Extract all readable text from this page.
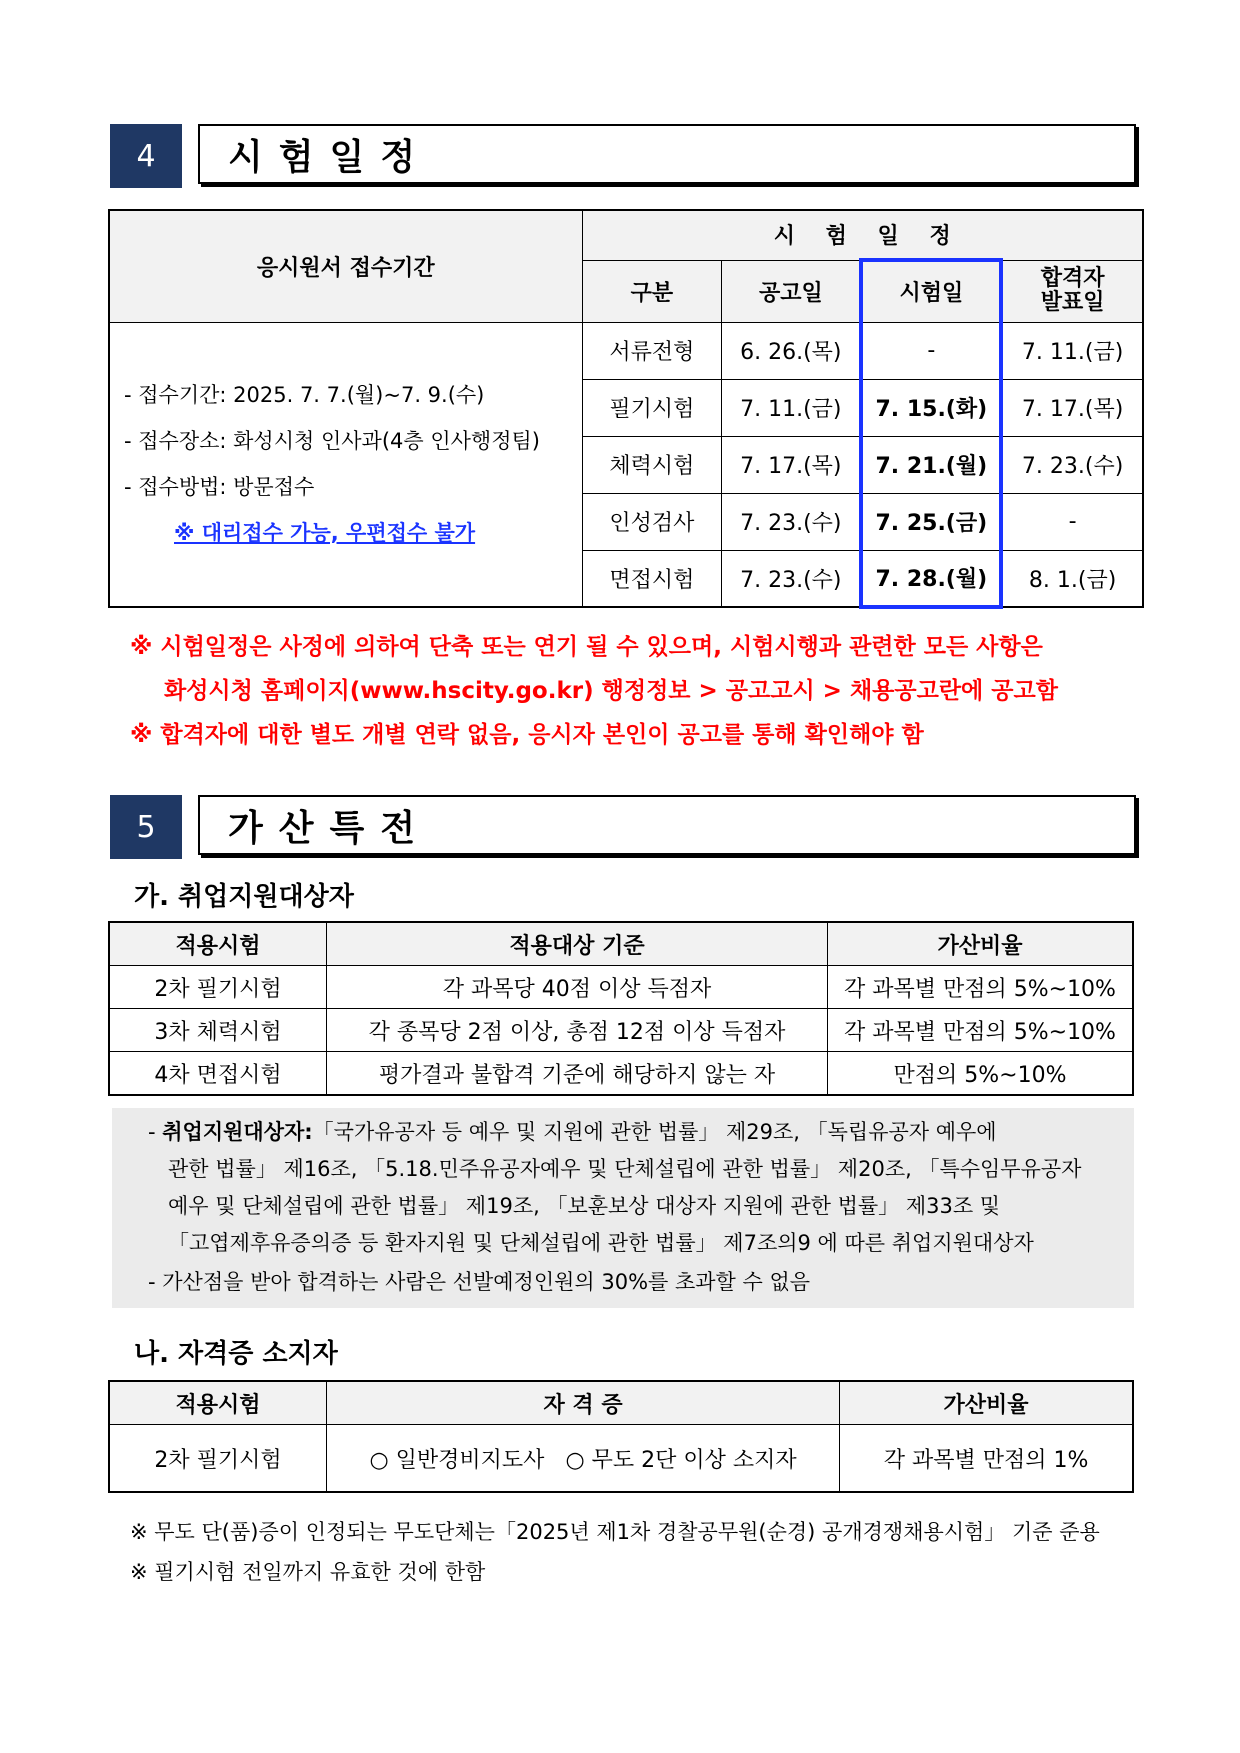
4	시험일정
응시원서 접수기간	시    험    일    정			
	구분	공고일	시험일	합격자
발표일

- 접수기간: 2025. 7. 7.(월)~7. 9.(수)
- 접수장소: 화성시청 인사과(4층 인사행정팀)
- 접수방법: 방문접수
※ 대리접수 가능, 우편접수 불가	서류전형	6. 26.(목)	-	7. 11.(금)
	필기시험	7. 11.(금)	7. 15.(화)	7. 17.(목)
	체력시험	7. 17.(목)	7. 21.(월)	7. 23.(수)
	인성검사	7. 23.(수)	7. 25.(금)	-
	면접시험	7. 23.(수)	7. 28.(월)	8. 1.(금)
※ 시험일정은 사정에 의하여 단축 또는 연기 될 수 있으며, 시험시행과 관련한 모든 사항은
화성시청 홈페이지(www.hscity.go.kr) 행정정보 > 공고고시 > 채용공고란에 공고함
※ 합격자에 대한 별도 개별 연락 없음, 응시자 본인이 공고를 통해 확인해야 함
5	가산특전
가. 취업지원대상자
적용시험	적용대상 기준	가산비율
2차 필기시험	각 과목당 40점 이상 득점자	각 과목별 만점의 5%~10%
3차 체력시험	각 종목당 2점 이상, 총점 12점 이상 득점자	각 과목별 만점의 5%~10%
4차 면접시험	평가결과 불합격 기준에 해당하지 않는 자	만점의 5%~10%
- 취업지원대상자:「국가유공자 등 예우 및 지원에 관한 법률」 제29조, 「독립유공자 예우에
관한 법률」 제16조, 「5.18.민주유공자예우 및 단체설립에 관한 법률」 제20조, 「특수임무유공자
예우 및 단체설립에 관한 법률」 제19조, 「보훈보상 대상자 지원에 관한 법률」 제33조 및
「고엽제후유증의증 등 환자지원 및 단체설립에 관한 법률」 제7조의9 에 따른 취업지원대상자
- 가산점을 받아 합격하는 사람은 선발예정인원의 30%를 초과할 수 없음
나. 자격증 소지자
적용시험	자 격 증	가산비율
2차 필기시험	○ 일반경비지도사 ○ 무도 2단 이상 소지자	각 과목별 만점의 1%
※ 무도 단(품)증이 인정되는 무도단체는「2025년 제1차 경찰공무원(순경) 공개경쟁채용시험」 기준 준용
※ 필기시험 전일까지 유효한 것에 한함
